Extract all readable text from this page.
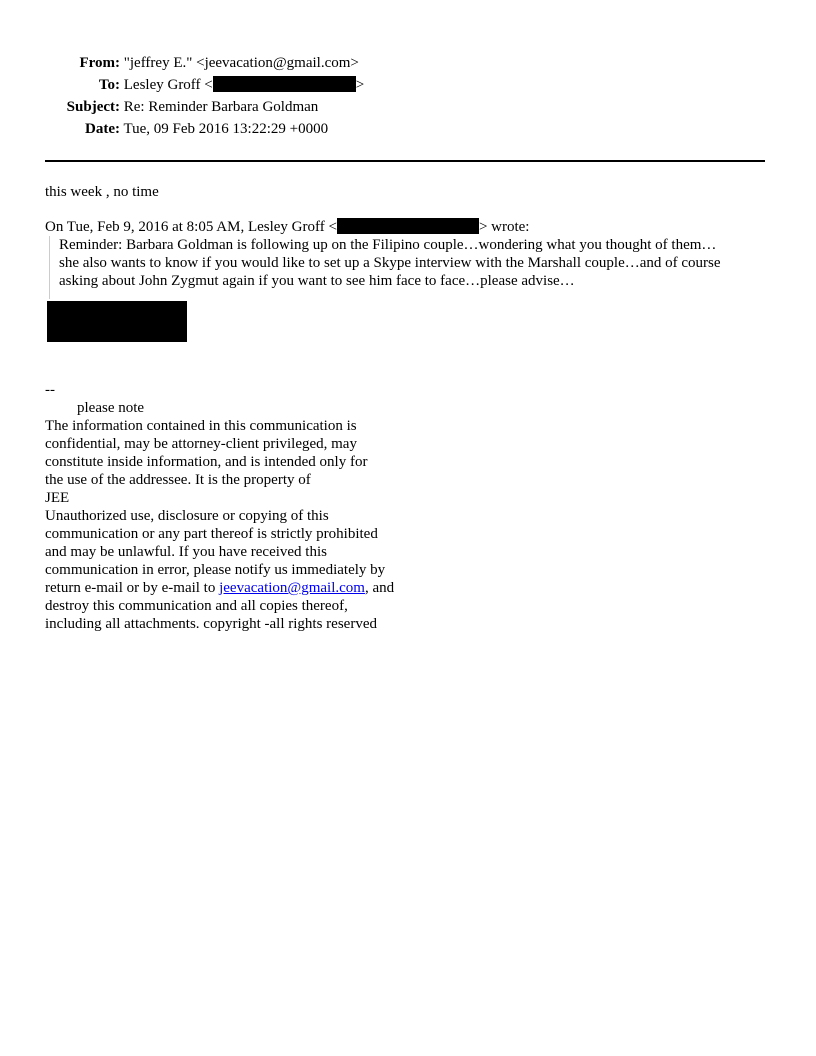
From: "jeffrey E." <jeevacation@gmail.com>
To: Lesley Groff <	>
Subject: Re: Reminder Barbara Goldman
Date: Tue, 09 Feb 2016 13:22:29 +0000
this week , no time
On Tue, Feb 9, 2016 at 8:05 AM, Lesley Groff <	> wrote:
Reminder: Barbara Goldman is following up on the Filipino couple…wondering what you thought of them…
she also wants to know if you would like to set up a Skype interview with the Marshall couple…and of course
asking about John Zygmut again if you want to see him face to face…please advise…
--
please note
The information contained in this communication is
confidential, may be attorney-client privileged, may
constitute inside information, and is intended only for
the use of the addressee. It is the property of
JEE
Unauthorized use, disclosure or copying of this
communication or any part thereof is strictly prohibited
and may be unlawful. If you have received this
communication in error, please notify us immediately by
return e-mail or by e-mail to jeevacation@gmail.com, and
destroy this communication and all copies thereof,
including all attachments. copyright -all rights reserved
